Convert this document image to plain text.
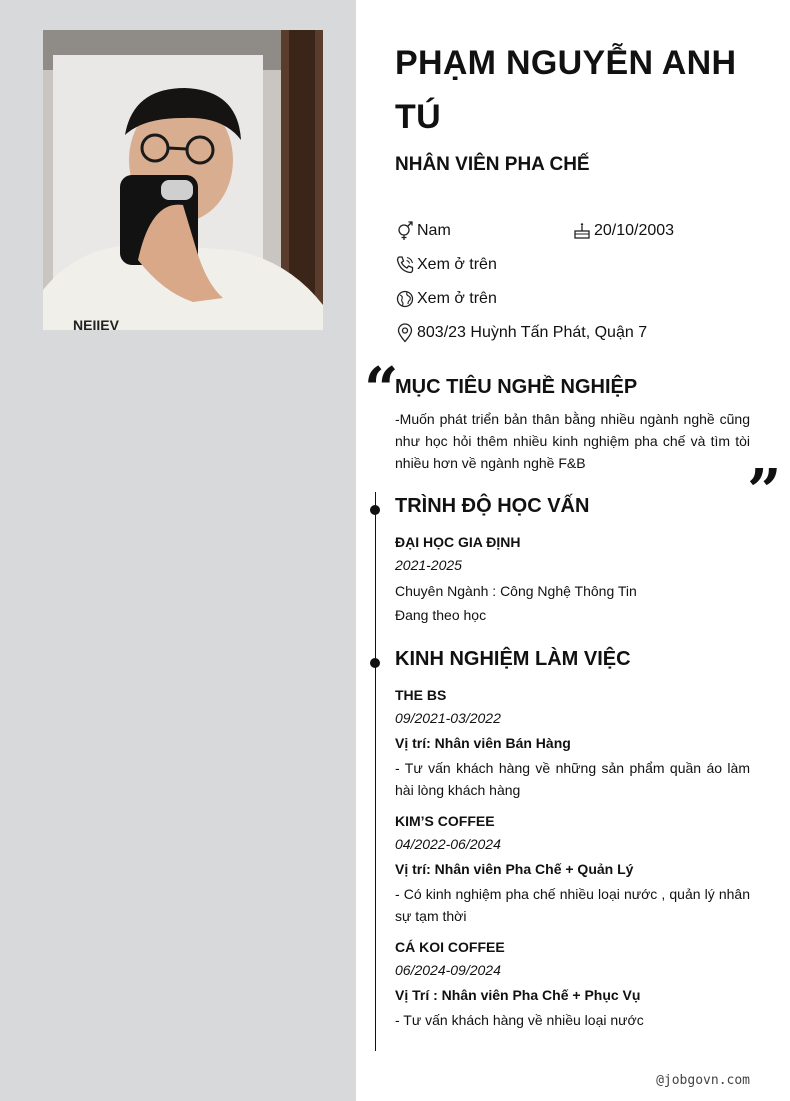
NEIIEV
PHẠM NGUYỄN ANH TÚ
NHÂN VIÊN PHA CHẾ
Nam	20/10/2003
Xem ở trên
Xem ở trên
803/23 Huỳnh Tấn Phát, Quận 7
“
MỤC TIÊU NGHỀ NGHIỆP
-Muốn phát triển bản thân bằng nhiều ngành nghề cũng như học hỏi thêm nhiều kinh nghiệm pha chế và tìm tòi nhiều hơn về ngành nghề F&B	”
TRÌNH ĐỘ HỌC VẤN
ĐẠI HỌC GIA ĐỊNH
2021-2025
Chuyên Ngành : Công Nghệ Thông Tin
Đang theo học
KINH NGHIỆM LÀM VIỆC
THE BS
09/2021-03/2022
Vị trí: Nhân viên Bán Hàng
- Tư vấn khách hàng về những sản phẩm quần áo làm hài lòng khách hàng
KIM’S COFFEE
04/2022-06/2024
Vị trí: Nhân viên Pha Chế + Quản Lý
- Có kinh nghiệm pha chế nhiều loại nước , quản lý nhân sự tạm thời
CÁ KOI COFFEE
06/2024-09/2024
Vị Trí : Nhân viên Pha Chế + Phục Vụ
- Tư vấn khách hàng về nhiều loại nước
@jobgovn.com
